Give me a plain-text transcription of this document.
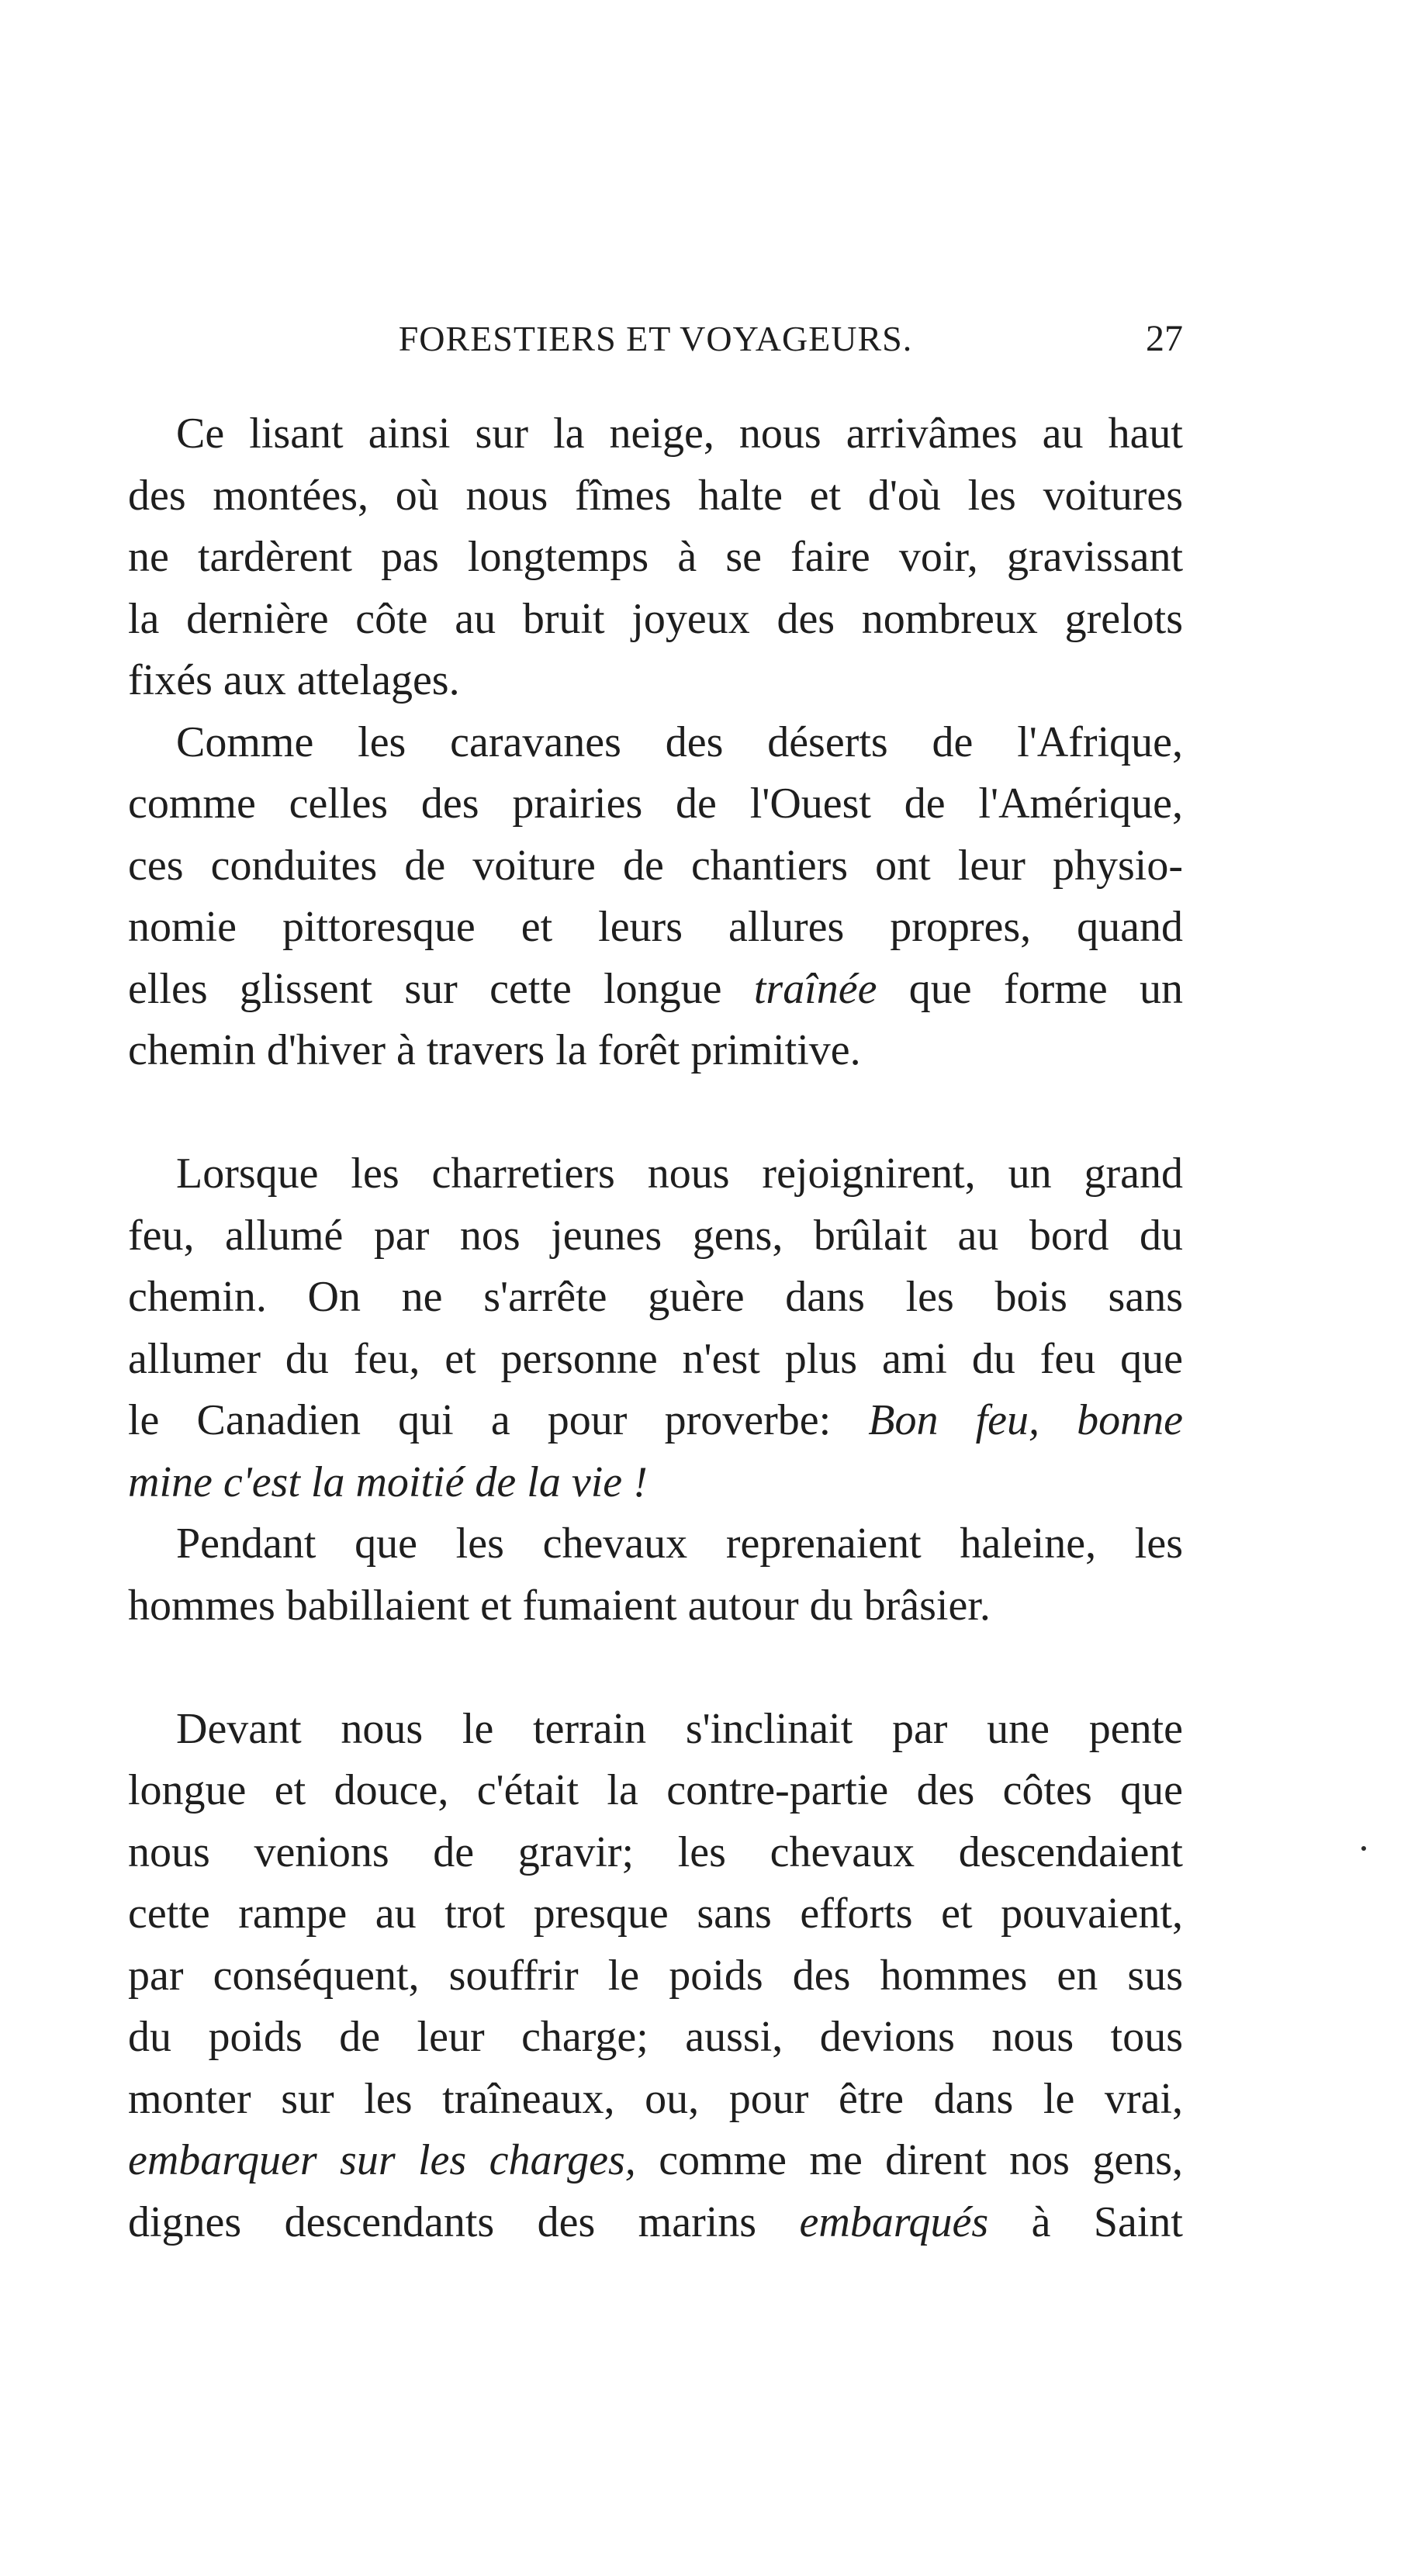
FORESTIERS ET VOYAGEURS.	27
Ce lisant ainsi sur la neige, nous arrivâmes au haut
des montées, où nous fîmes halte et d'où les voitures
ne tardèrent pas longtemps à se faire voir, gravissant
la dernière côte au bruit joyeux des nombreux grelots
fixés aux attelages.
Comme les caravanes des déserts de l'Afrique,
comme celles des prairies de l'Ouest de l'Amérique,
ces conduites de voiture de chantiers ont leur physio-
nomie pittoresque et leurs allures propres, quand
elles glissent sur cette longue traînée que forme un
chemin d'hiver à travers la forêt primitive.
Lorsque les charretiers nous rejoignirent, un grand
feu, allumé par nos jeunes gens, brûlait au bord du
chemin. On ne s'arrête guère dans les bois sans
allumer du feu, et personne n'est plus ami du feu que
le Canadien qui a pour proverbe: Bon feu, bonne
mine c'est la moitié de la vie !
Pendant que les chevaux reprenaient haleine, les
hommes babillaient et fumaient autour du brâsier.
Devant nous le terrain s'inclinait par une pente
longue et douce, c'était la contre-partie des côtes que
nous venions de gravir; les chevaux descendaient
cette rampe au trot presque sans efforts et pouvaient,
par conséquent, souffrir le poids des hommes en sus
du poids de leur charge; aussi, devions nous tous
monter sur les traîneaux, ou, pour être dans le vrai,
embarquer sur les charges, comme me dirent nos gens,
dignes descendants des marins embarqués à Saint
